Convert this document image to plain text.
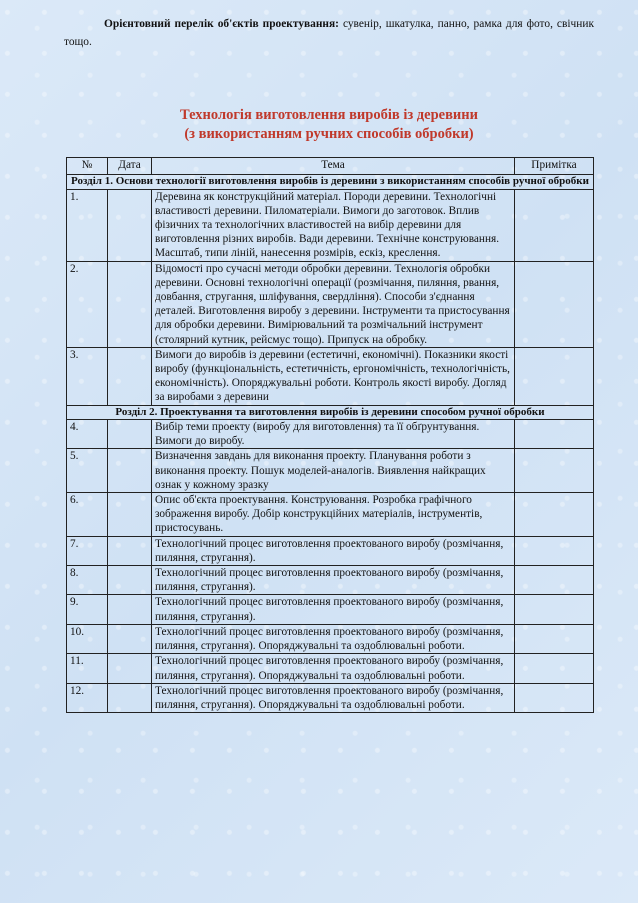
Орієнтовний перелік об'єктів проектування: сувенір, шкатулка, панно, рамка для фото, свічник тощо.
Технологія виготовлення виробів із деревини
(з використанням ручних способів обробки)
№	Дата	Тема	Примітка
Розділ 1. Основи технології виготовлення виробів із деревини з використанням способів ручної обробки			
1.		Деревина як конструкційний матеріал. Породи деревини. Технологічні властивості деревини. Пиломатеріали. Вимоги до заготовок. Вплив фізичних та технологічних властивостей на вибір деревини для виготовлення різних виробів. Вади деревини. Технічне конструювання. Масштаб, типи ліній, нанесення розмірів, ескіз, креслення.	
2.		Відомості про сучасні методи обробки деревини. Технологія обробки деревини. Основні технологічні операції (розмічання, пиляння, рвання, довбання, стругання, шліфування, свердління). Способи з'єднання деталей. Виготовлення виробу з деревини. Інструменти та пристосування для обробки деревини. Вимірювальний та розмічальний інструмент (столярний кутник, рейсмус тощо). Припуск на обробку.	
3.		Вимоги до виробів із деревини (естетичні, економічні). Показники якості виробу (функціональність, естетичність, ергономічність, технологічність, економічність). Опоряджувальні роботи. Контроль якості виробу. Догляд за виробами з деревини	
Розділ 2. Проектування та виготовлення виробів із деревини способом ручної обробки			
4.		Вибір теми проекту (виробу для виготовлення) та її обґрунтування. Вимоги до виробу.	
5.		Визначення завдань для виконання проекту. Планування роботи з виконання проекту. Пошук моделей-аналогів. Виявлення найкращих ознак у кожному зразку	
6.		Опис об'єкта проектування. Конструювання. Розробка графічного зображення виробу. Добір конструкційних матеріалів, інструментів, пристосувань.	
7.		Технологічний процес виготовлення проектованого виробу (розмічання, пиляння, стругання).	
8.		Технологічний процес виготовлення проектованого виробу (розмічання, пиляння, стругання).	
9.		Технологічний процес виготовлення проектованого виробу (розмічання, пиляння, стругання).	
10.		Технологічний процес виготовлення проектованого виробу (розмічання, пиляння, стругання). Опоряджувальні та оздоблювальні роботи.	
11.		Технологічний процес виготовлення проектованого виробу (розмічання, пиляння, стругання). Опоряджувальні та оздоблювальні роботи.	
12.		Технологічний процес виготовлення проектованого виробу (розмічання, пиляння, стругання). Опоряджувальні та оздоблювальні роботи.	
